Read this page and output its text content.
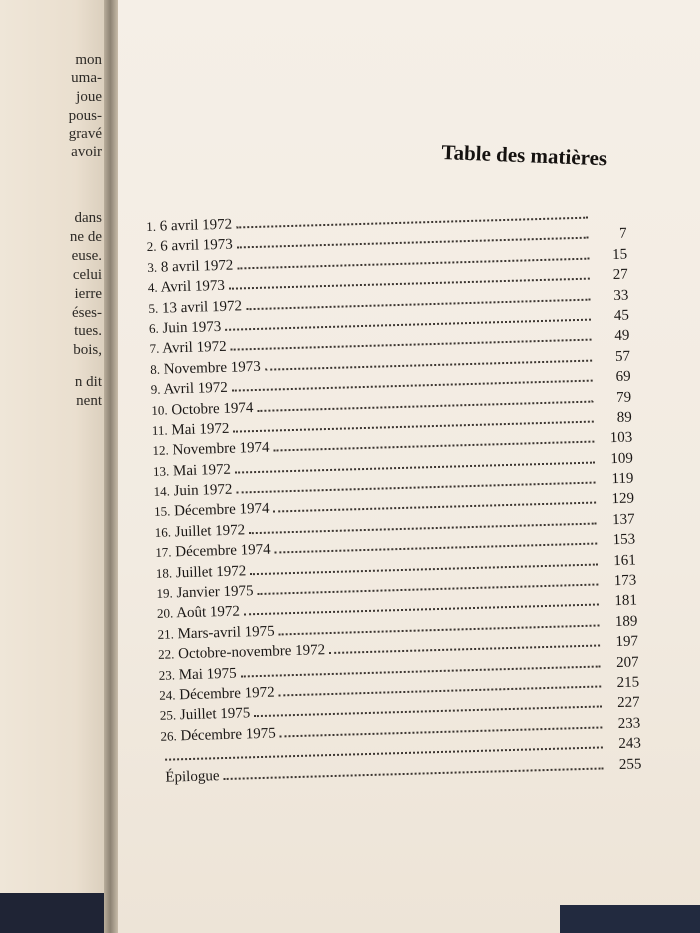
mon
uma-
joue
pous-
gravé
avoir
dans
ne de
euse.
celui
ierre
éses-
tues.
bois,
n dit
nent
Table des matières
1. 6 avril 1972
2. 6 avril 1973
7
3. 8 avril 1972
15
4. Avril 1973
27
5. 13 avril 1972
33
6. Juin 1973
45
7. Avril 1972
49
8. Novembre 1973
57
9. Avril 1972
69
10. Octobre 1974
79
11. Mai 1972
89
12. Novembre 1974
103
13. Mai 1972
109
14. Juin 1972
119
15. Décembre 1974
129
16. Juillet 1972
137
17. Décembre 1974
153
18. Juillet 1972
161
19. Janvier 1975
173
20. Août 1972
181
21. Mars-avril 1975
189
22. Octobre-novembre 1972
197
23. Mai 1975
207
24. Décembre 1972
215
25. Juillet 1975
227
26. Décembre 1975
233
243
Épilogue
255
